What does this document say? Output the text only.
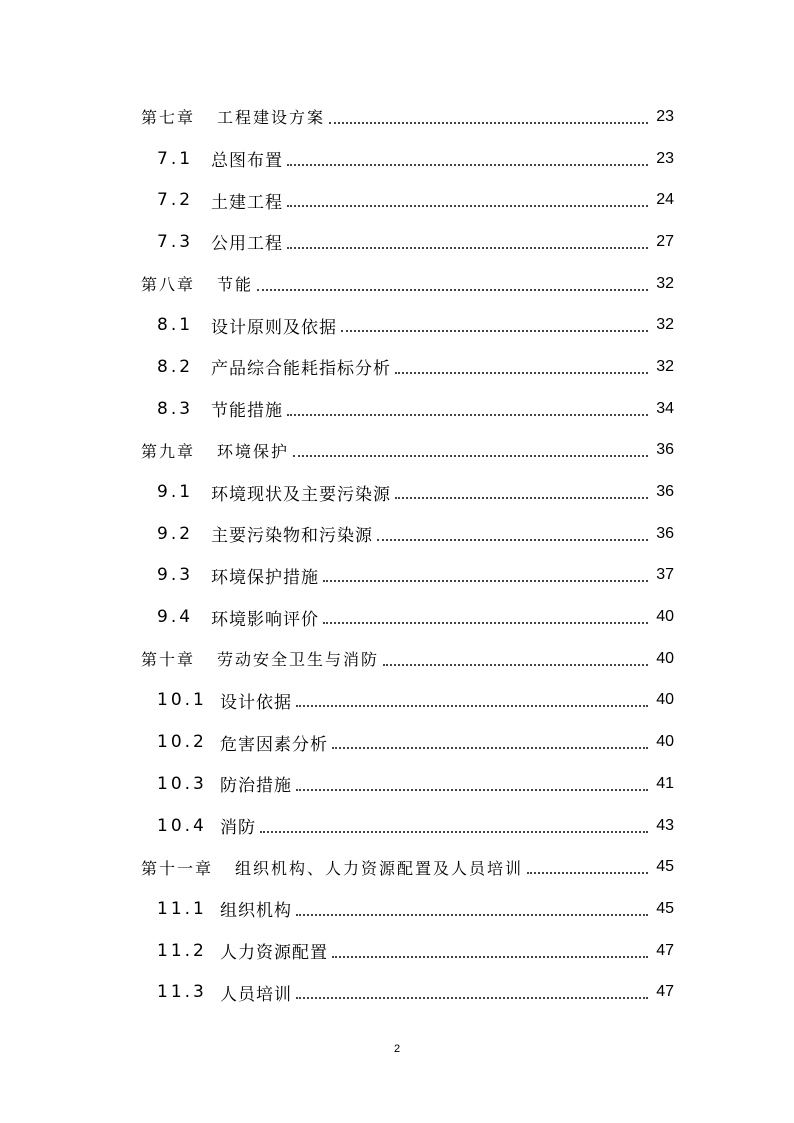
第七章 工程建设方案	23
7.1	总图布置	23
7.2	土建工程	24
7.3	公用工程	27
第八章 节能	32
8.1	设计原则及依据	32
8.2	产品综合能耗指标分析	32
8.3	节能措施	34
第九章 环境保护	36
9.1	环境现状及主要污染源	36
9.2	主要污染物和污染源	36
9.3	环境保护措施	37
9.4	环境影响评价	40
第十章 劳动安全卫生与消防	40
10.1 设计依据	40
10.2 危害因素分析	40
10.3 防治措施	41
10.4 消防	43
第十一章 组织机构、人力资源配置及人员培训	45
11.1 组织机构	45
11.2 人力资源配置	47
11.3 人员培训	47
2
